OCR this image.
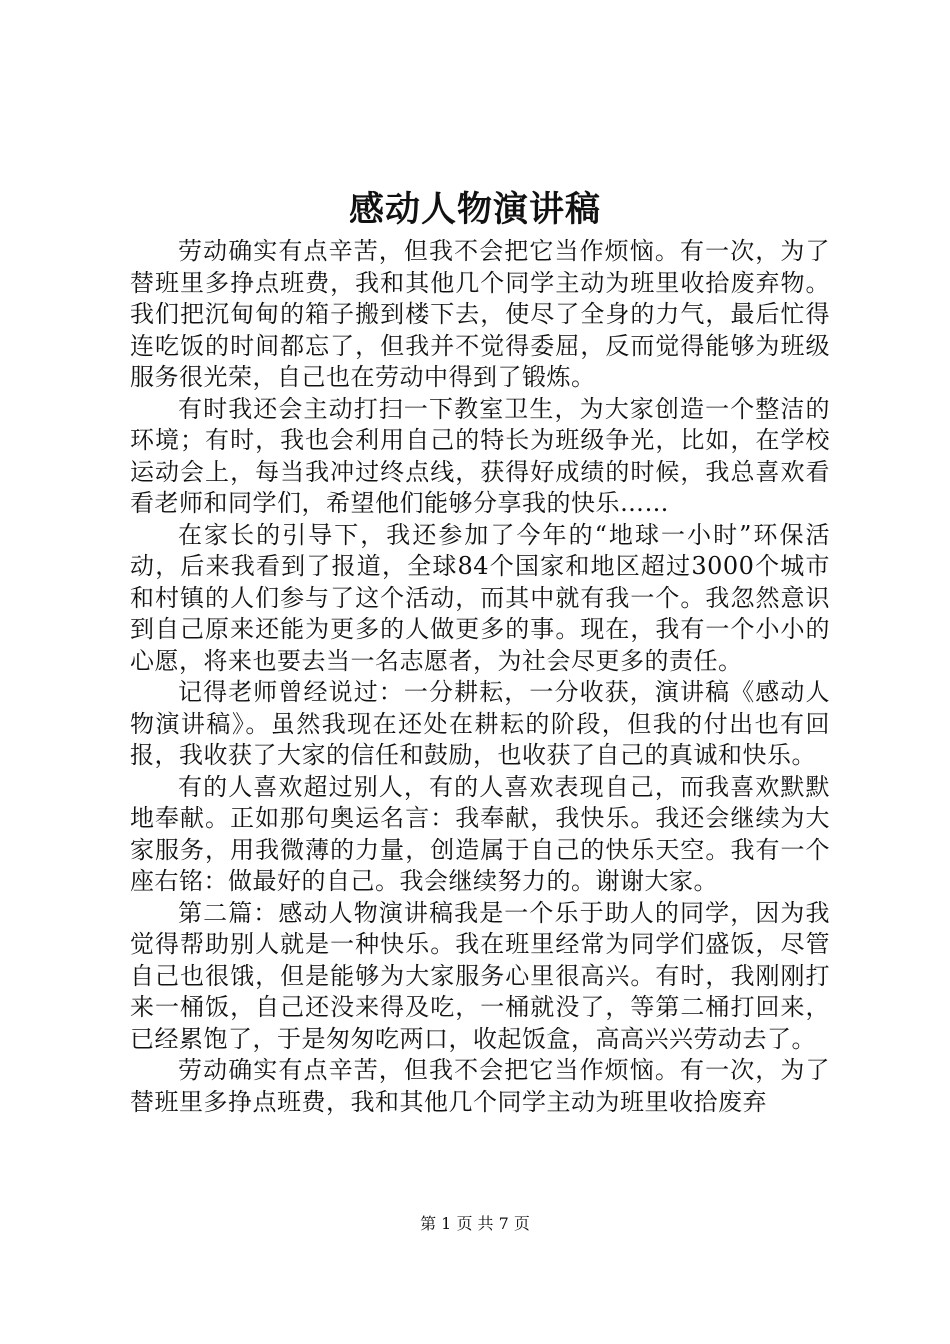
感动人物演讲稿

劳动确实有点辛苦，但我不会把它当作烦恼。有一次，为了替班里多挣点班费，我和其他几个同学主动为班里收拾废弃物。我们把沉甸甸的箱子搬到楼下去，使尽了全身的力气，最后忙得连吃饭的时间都忘了，但我并不觉得委屈，反而觉得能够为班级服务很光荣，自己也在劳动中得到了锻炼。

有时我还会主动打扫一下教室卫生，为大家创造一个整洁的环境；有时，我也会利用自己的特长为班级争光，比如，在学校运动会上，每当我冲过终点线，获得好成绩的时候，我总喜欢看看老师和同学们，希望他们能够分享我的快乐……

在家长的引导下，我还参加了今年的“地球一小时”环保活动，后来我看到了报道，全球84个国家和地区超过3000个城市和村镇的人们参与了这个活动，而其中就有我一个。我忽然意识到自己原来还能为更多的人做更多的事。现在，我有一个小小的心愿，将来也要去当一名志愿者，为社会尽更多的责任。

记得老师曾经说过：一分耕耘，一分收获，演讲稿《感动人物演讲稿》。虽然我现在还处在耕耘的阶段，但我的付出也有回报，我收获了大家的信任和鼓励，也收获了自己的真诚和快乐。

有的人喜欢超过别人，有的人喜欢表现自己，而我喜欢默默地奉献。正如那句奥运名言：我奉献，我快乐。我还会继续为大家服务，用我微薄的力量，创造属于自己的快乐天空。我有一个座右铭：做最好的自己。我会继续努力的。谢谢大家。

第二篇：感动人物演讲稿我是一个乐于助人的同学，因为我觉得帮助别人就是一种快乐。我在班里经常为同学们盛饭，尽管自己也很饿，但是能够为大家服务心里很高兴。有时，我刚刚打来一桶饭，自己还没来得及吃，一桶就没了，等第二桶打回来，已经累饱了，于是匆匆吃两口，收起饭盒，高高兴兴劳动去了。

劳动确实有点辛苦，但我不会把它当作烦恼。有一次，为了替班里多挣点班费，我和其他几个同学主动为班里收拾废弃

第 1 页 共 7 页
